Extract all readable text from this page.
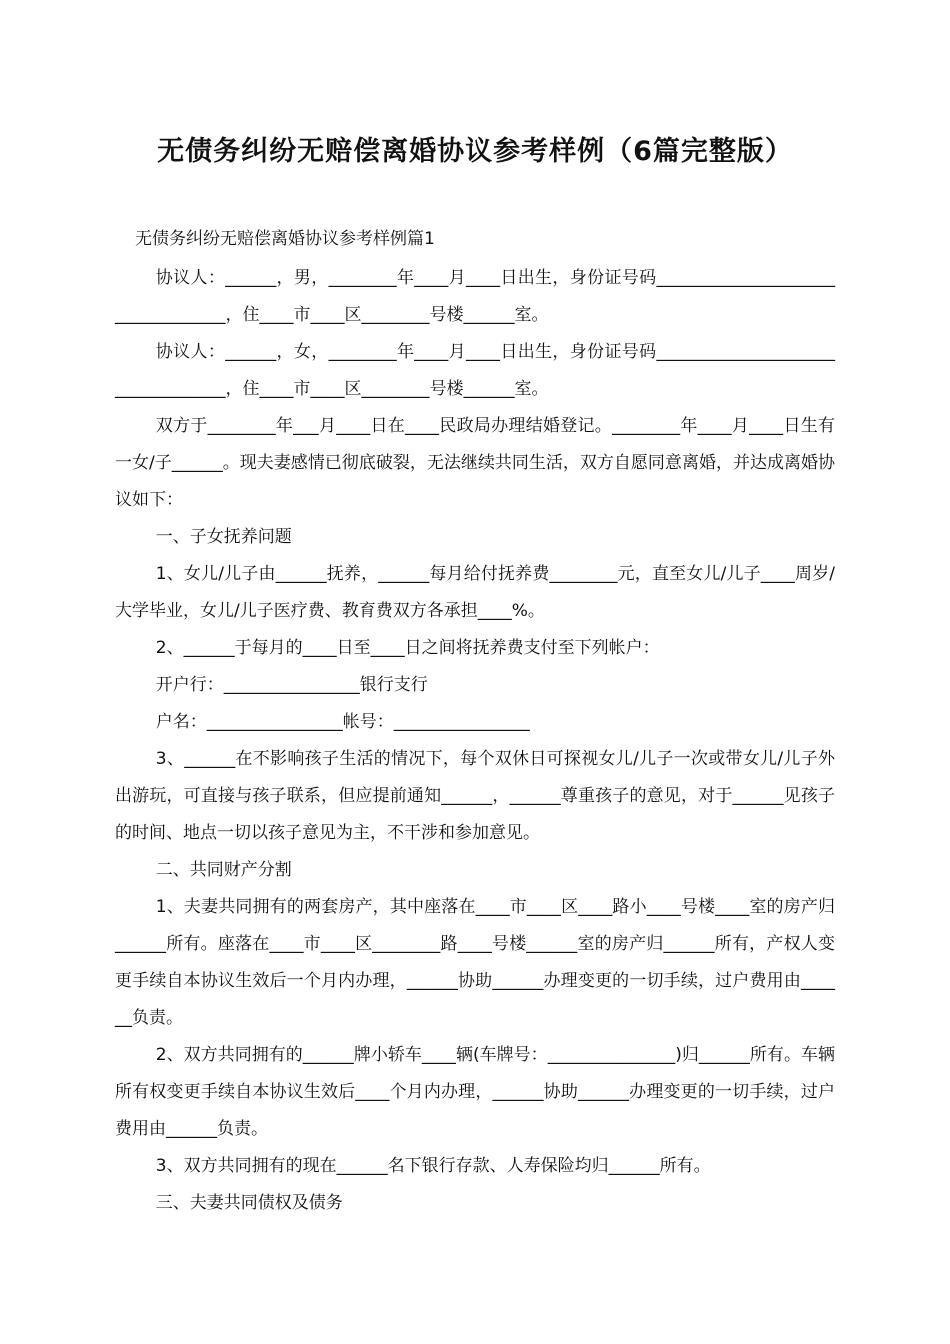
无债务纠纷无赔偿离婚协议参考样例（6篇完整版）
无债务纠纷无赔偿离婚协议参考样例篇1

协议人：______，男，________年____月____日出生，身份证号码__________________________________，住____市____区________号楼______室。

协议人：______，女，________年____月____日出生，身份证号码__________________________________，住____市____区________号楼______室。

双方于________年___月____日在____民政局办理结婚登记。________年____月____日生有一女/子______。现夫妻感情已彻底破裂，无法继续共同生活，双方自愿同意离婚，并达成离婚协议如下：

一、子女抚养问题

1、女儿/儿子由______抚养，______每月给付抚养费________元，直至女儿/儿子____周岁/大学毕业，女儿/儿子医疗费、教育费双方各承担____%。

2、______于每月的____日至____日之间将抚养费支付至下列帐户：

开户行：________________银行支行

户名：________________帐号：________________

3、______在不影响孩子生活的情况下，每个双休日可探视女儿/儿子一次或带女儿/儿子外出游玩，可直接与孩子联系，但应提前通知______，______尊重孩子的意见，对于______见孩子的时间、地点一切以孩子意见为主，不干涉和参加意见。

二、共同财产分割

1、夫妻共同拥有的两套房产，其中座落在____市____区____路小____号楼____室的房产归______所有。座落在____市____区________路____号楼______室的房产归______所有，产权人变更手续自本协议生效后一个月内办理，______协助______办理变更的一切手续，过户费用由______负责。

2、双方共同拥有的______牌小轿车____辆(车牌号：_______________)归______所有。车辆所有权变更手续自本协议生效后____个月内办理，______协助______办理变更的一切手续，过户费用由______负责。

3、双方共同拥有的现在______名下银行存款、人寿保险均归______所有。

三、夫妻共同债权及债务
